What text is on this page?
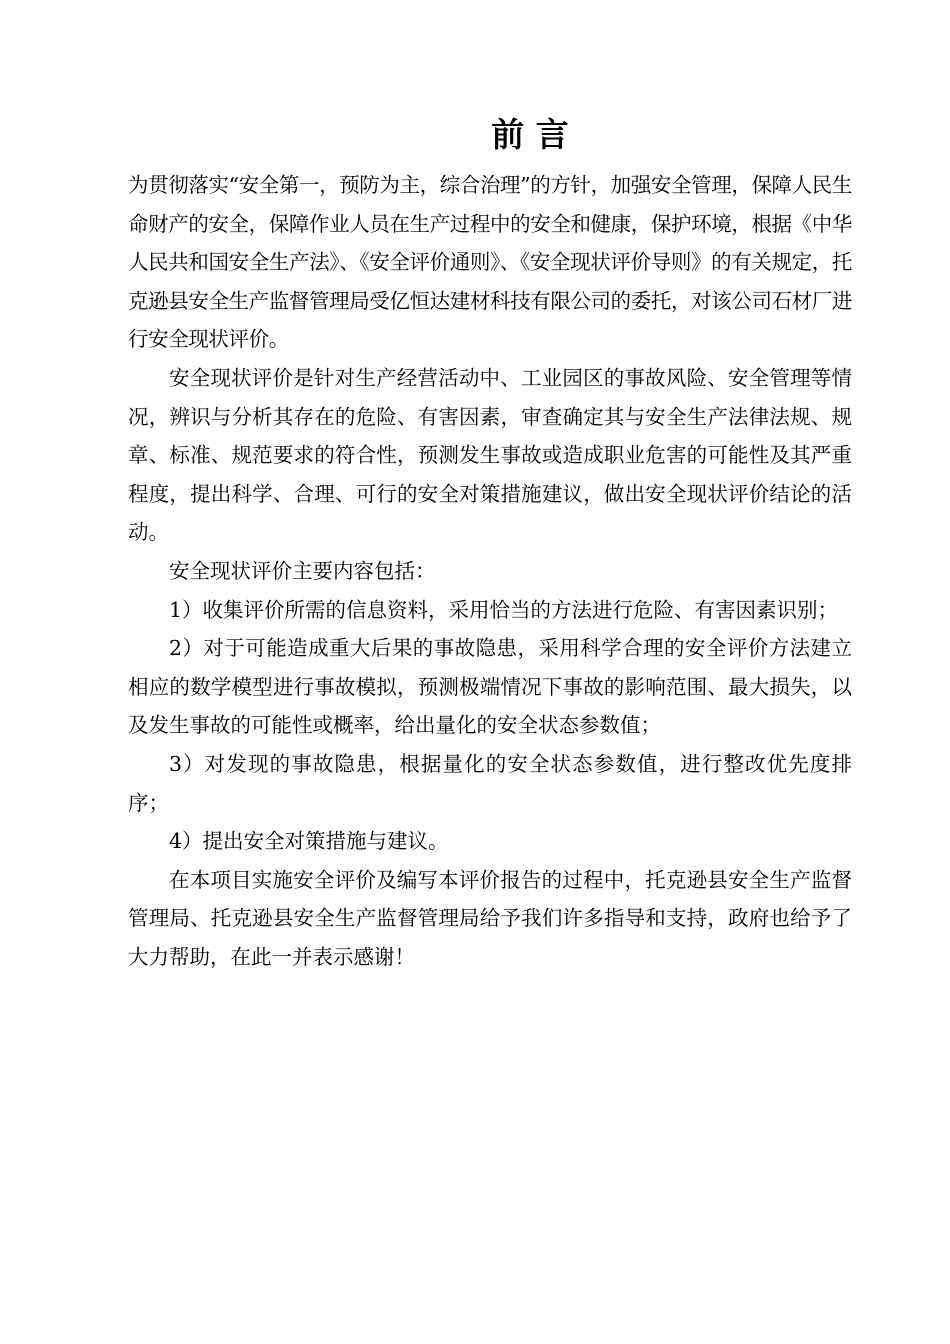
前 言

为贯彻落实“安全第一，预防为主，综合治理”的方针，加强安全管理，保障人民生命财产的安全，保障作业人员在生产过程中的安全和健康，保护环境，根据《中华人民共和国安全生产法》、《安全评价通则》、《安全现状评价导则》的有关规定，托克逊县安全生产监督管理局受亿恒达建材科技有限公司的委托，对该公司石材厂进行安全现状评价。

安全现状评价是针对生产经营活动中、工业园区的事故风险、安全管理等情况，辨识与分析其存在的危险、有害因素，审查确定其与安全生产法律法规、规章、标准、规范要求的符合性，预测发生事故或造成职业危害的可能性及其严重程度，提出科学、合理、可行的安全对策措施建议，做出安全现状评价结论的活动。

安全现状评价主要内容包括：

1）收集评价所需的信息资料，采用恰当的方法进行危险、有害因素识别；

2）对于可能造成重大后果的事故隐患，采用科学合理的安全评价方法建立相应的数学模型进行事故模拟，预测极端情况下事故的影响范围、最大损失，以及发生事故的可能性或概率，给出量化的安全状态参数值；

3）对发现的事故隐患，根据量化的安全状态参数值，进行整改优先度排序；

4）提出安全对策措施与建议。

在本项目实施安全评价及编写本评价报告的过程中，托克逊县安全生产监督管理局、托克逊县安全生产监督管理局给予我们许多指导和支持，政府也给予了大力帮助，在此一并表示感谢！
